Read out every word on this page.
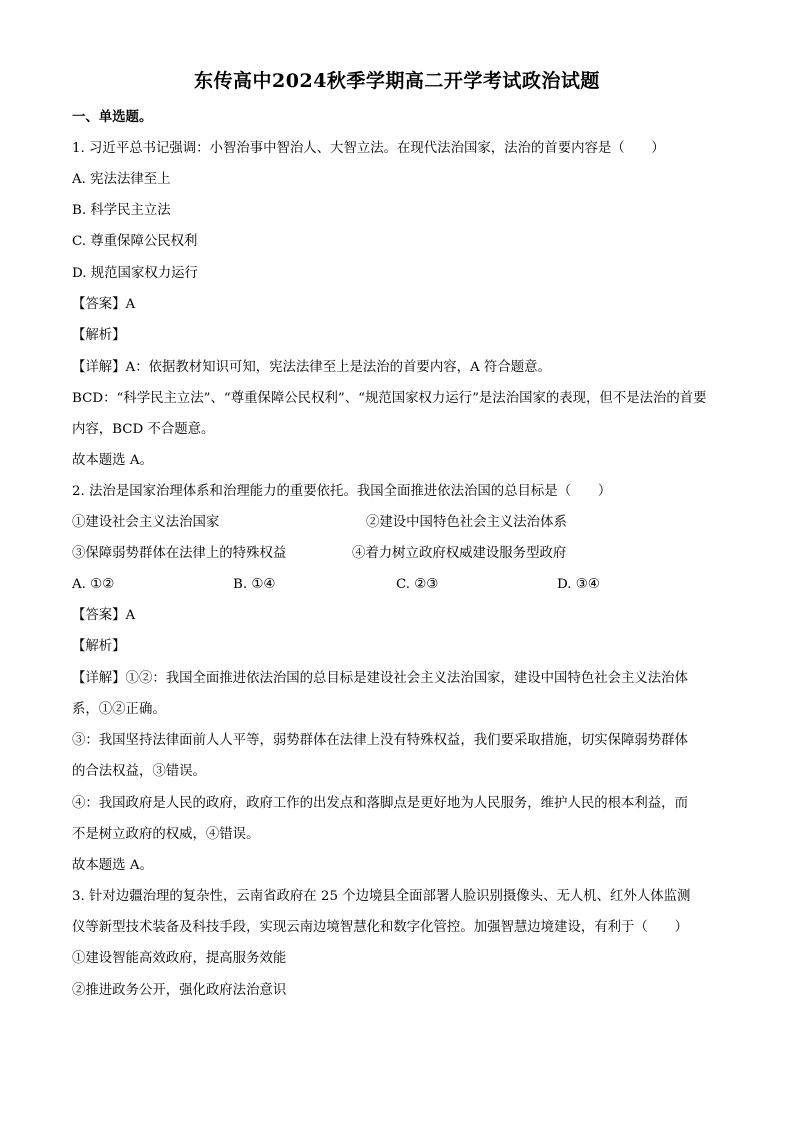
东传高中2024秋季学期高二开学考试政治试题
一、单选题。
1. 习近平总书记强调：小智治事中智治人、大智立法。在现代法治国家，法治的首要内容是（　　）
A. 宪法法律至上
B. 科学民主立法
C. 尊重保障公民权利
D. 规范国家权力运行
【答案】A
【解析】
【详解】A：依据教材知识可知，宪法法律至上是法治的首要内容，A 符合题意。
BCD：“科学民主立法”、“尊重保障公民权利”、“规范国家权力运行”是法治国家的表现，但不是法治的首要
内容，BCD 不合题意。
故本题选 A。
2. 法治是国家治理体系和治理能力的重要依托。我国全面推进依法治国的总目标是（　　）
①建设社会主义法治国家	②建设中国特色社会主义法治体系
③保障弱势群体在法律上的特殊权益	④着力树立政府权威建设服务型政府
A. ①②	B. ①④	C. ②③	D. ③④
【答案】A
【解析】
【详解】①②：我国全面推进依法治国的总目标是建设社会主义法治国家，建设中国特色社会主义法治体
系，①②正确。
③：我国坚持法律面前人人平等，弱势群体在法律上没有特殊权益，我们要采取措施，切实保障弱势群体
的合法权益，③错误。
④：我国政府是人民的政府，政府工作的出发点和落脚点是更好地为人民服务，维护人民的根本利益，而
不是树立政府的权威，④错误。
故本题选 A。
3. 针对边疆治理的复杂性，云南省政府在 25 个边境县全面部署人脸识别摄像头、无人机、红外人体监测
仪等新型技术装备及科技手段，实现云南边境智慧化和数字化管控。加强智慧边境建设，有利于（　　）
①建设智能高效政府，提高服务效能
②推进政务公开，强化政府法治意识
